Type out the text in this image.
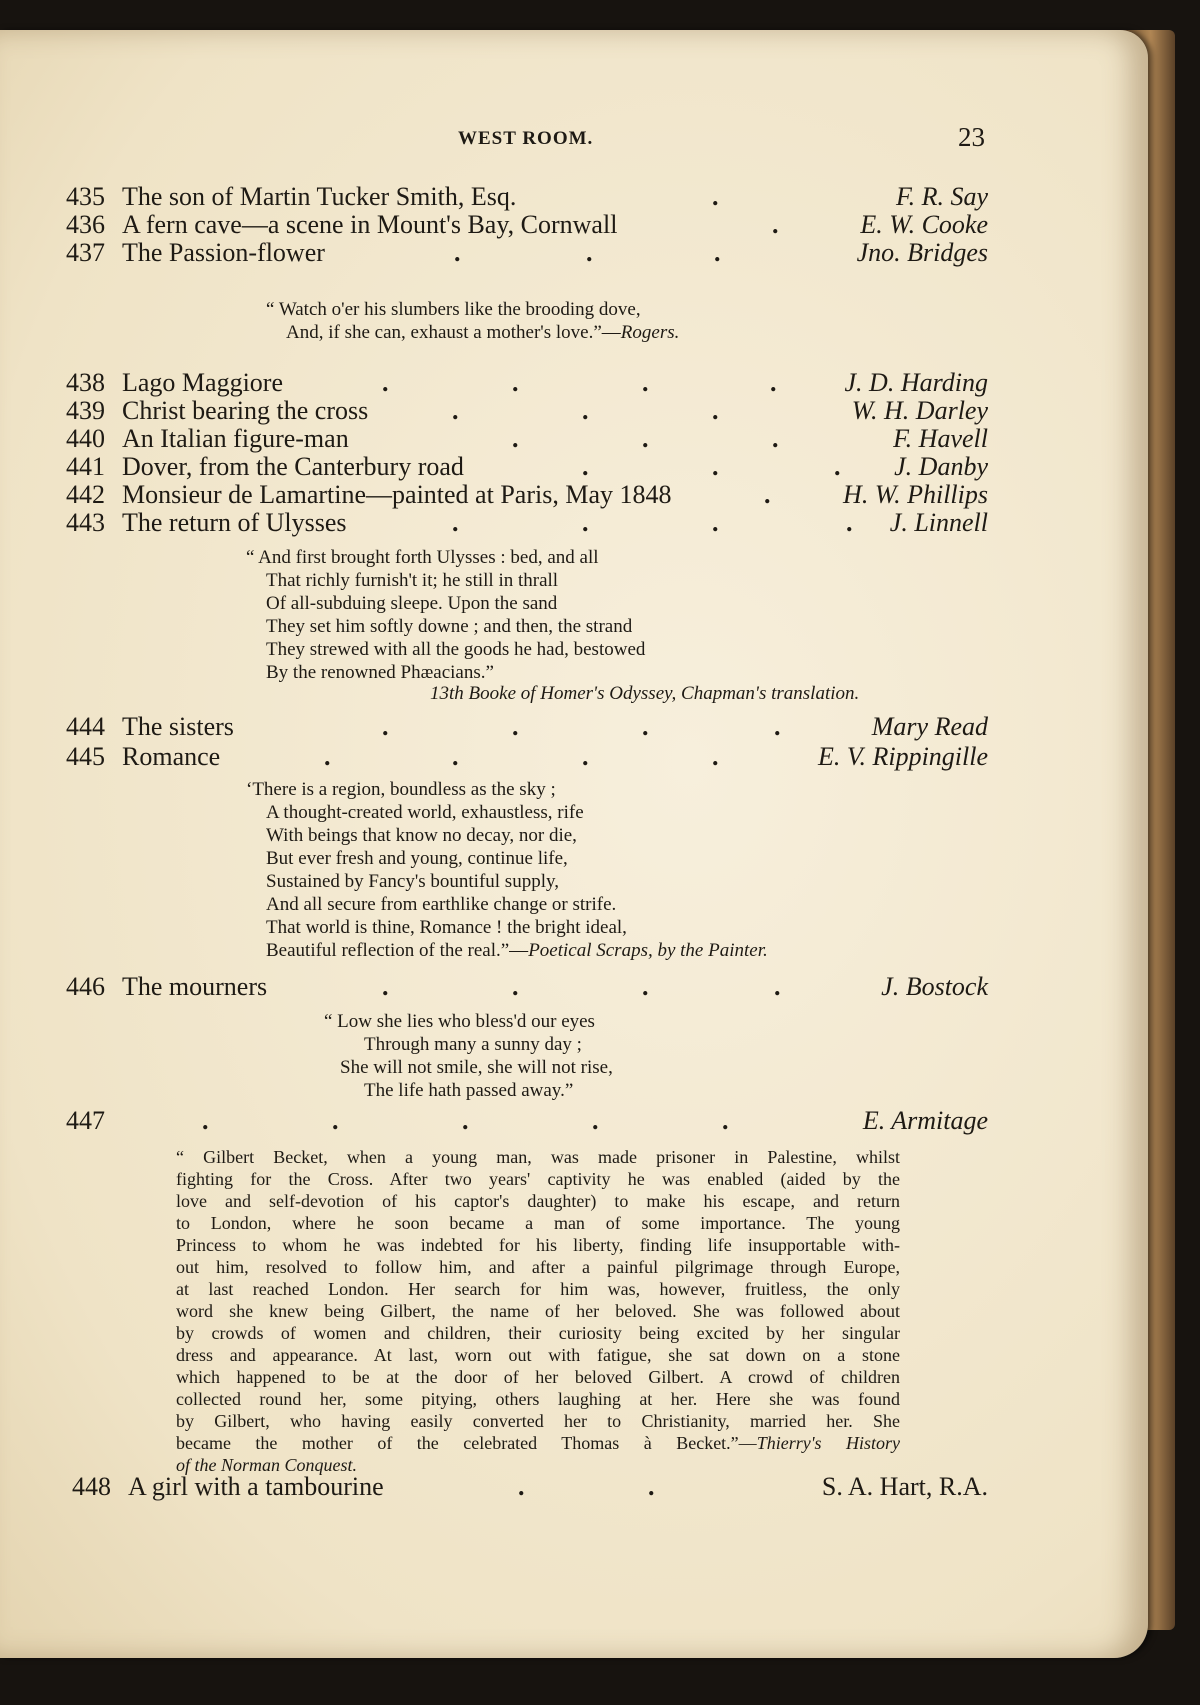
WEST ROOM.	23
435 The son of Martin Tucker Smith, Esq.	.	F. R. Say
436 A fern cave—a scene in Mount's Bay, Cornwall	.	E. W. Cooke
437 The Passion-flower	.	.	.	Jno. Bridges
“ Watch o'er his slumbers like the brooding dove,
And, if she can, exhaust a mother's love.”—Rogers.
438 Lago Maggiore	.	.	.	.	J. D. Harding
439 Christ bearing the cross	.	.	.	W. H. Darley
440 An Italian figure-man	.	.	.	F. Havell
441 Dover, from the Canterbury road	.	.	. J. Danby
442 Monsieur de Lamartine—painted at Paris, May 1848	.	H. W. Phillips
443 The return of Ulysses	.	.	.	. J. Linnell
“ And first brought forth Ulysses : bed, and all
That richly furnish't it; he still in thrall
Of all-subduing sleepe. Upon the sand
They set him softly downe ; and then, the strand
They strewed with all the goods he had, bestowed
By the renowned Phæacians.”
13th Booke of Homer's Odyssey, Chapman's translation.
444 The sisters	.	.	.	.	Mary Read
445 Romance	.	.	.	.	E. V. Rippingille
‘There is a region, boundless as the sky ;
A thought-created world, exhaustless, rife
With beings that know no decay, nor die,
But ever fresh and young, continue life,
Sustained by Fancy's bountiful supply,
And all secure from earthlike change or strife.
That world is thine, Romance ! the bright ideal,
Beautiful reflection of the real.”—Poetical Scraps, by the Painter.
446 The mourners	.	.	.	.	J. Bostock
“ Low she lies who bless'd our eyes
Through many a sunny day ;
She will not smile, she will not rise,
The life hath passed away.”
447	.	.	.	.	.	E. Armitage
“ Gilbert Becket, when a young man, was made prisoner in Palestine, whilst
fighting for the Cross. After two years' captivity he was enabled (aided by the
love and self-devotion of his captor's daughter) to make his escape, and return
to London, where he soon became a man of some importance. The young
Princess to whom he was indebted for his liberty, finding life insupportable with-
out him, resolved to follow him, and after a painful pilgrimage through Europe,
at last reached London. Her search for him was, however, fruitless, the only
word she knew being Gilbert, the name of her beloved. She was followed about
by crowds of women and children, their curiosity being excited by her singular
dress and appearance. At last, worn out with fatigue, she sat down on a stone
which happened to be at the door of her beloved Gilbert. A crowd of children
collected round her, some pitying, others laughing at her. Here she was found
by Gilbert, who having easily converted her to Christianity, married her. She
became the mother of the celebrated Thomas à Becket.”—Thierry's History
of the Norman Conquest.
448 A girl with a tambourine	.	.	S. A. Hart, R.A.
